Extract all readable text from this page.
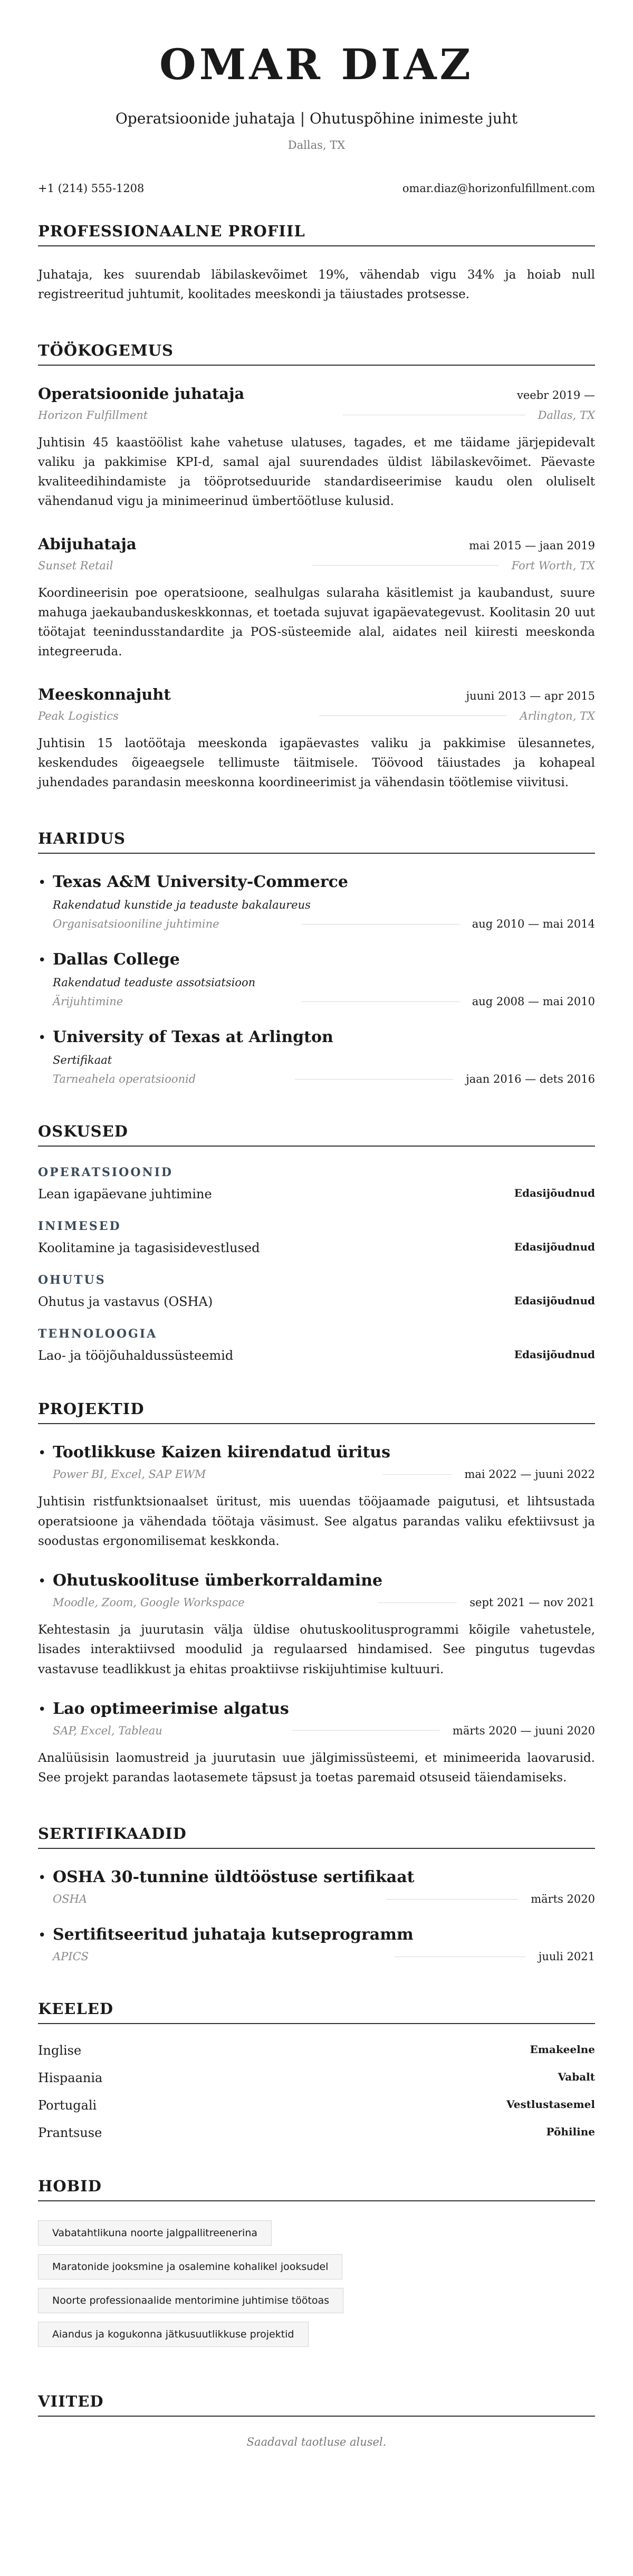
OMAR DIAZ
Operatsioonide juhataja | Ohutuspõhine inimeste juht
Dallas, TX
+1 (214) 555-1208	omar.diaz@horizonfulfillment.com
PROFESSIONAALNE PROFIIL
Juhataja, kes suurendab läbilaskevõimet 19%, vähendab vigu 34% ja hoiab null registreeritud juhtumit, koolitades meeskondi ja täiustades protsesse.
TÖÖKOGEMUS
Operatsioonide juhataja	veebr 2019 —
Horizon Fulfillment	Dallas, TX
Juhtisin 45 kaastöölist kahe vahetuse ulatuses, tagades, et me täidame järjepidevalt valiku ja pakkimise KPI-d, samal ajal suurendades üldist läbilaskevõimet. Päevaste kvaliteedihindamiste ja tööprotseduuride standardiseerimise kaudu olen oluliselt vähendanud vigu ja minimeerinud ümbertöötluse kulusid.
Abijuhataja	mai 2015 — jaan 2019
Sunset Retail	Fort Worth, TX
Koordineerisin poe operatsioone, sealhulgas sularaha käsitlemist ja kaubandust, suure mahuga jaekaubanduskeskkonnas, et toetada sujuvat igapäevategevust. Koolitasin 20 uut töötajat teenindusstandardite ja POS-süsteemide alal, aidates neil kiiresti meeskonda integreeruda.
Meeskonnajuht	juuni 2013 — apr 2015
Peak Logistics	Arlington, TX
Juhtisin 15 laotöötaja meeskonda igapäevastes valiku ja pakkimise ülesannetes, keskendudes õigeaegsele tellimuste täitmisele. Töövood täiustades ja kohapeal juhendades parandasin meeskonna koordineerimist ja vähendasin töötlemise viivitusi.
HARIDUS
• Texas A&M University-Commerce
Rakendatud kunstide ja teaduste bakalaureus
Organisatsiooniline juhtimine	aug 2010 — mai 2014
• Dallas College
Rakendatud teaduste assotsiatsioon
Ärijuhtimine	aug 2008 — mai 2010
• University of Texas at Arlington
Sertifikaat
Tarneahela operatsioonid	jaan 2016 — dets 2016
OSKUSED
OPERATSIOONID
Lean igapäevane juhtimine	Edasijõudnud
INIMESED
Koolitamine ja tagasisidevestlused	Edasijõudnud
OHUTUS
Ohutus ja vastavus (OSHA)	Edasijõudnud
TEHNOLOOGIA
Lao- ja tööjõuhaldussüsteemid	Edasijõudnud
PROJEKTID
• Tootlikkuse Kaizen kiirendatud üritus
Power BI, Excel, SAP EWM	mai 2022 — juuni 2022
Juhtisin ristfunktsionaalset üritust, mis uuendas tööjaamade paigutusi, et lihtsustada operatsioone ja vähendada töötaja väsimust. See algatus parandas valiku efektiivsust ja soodustas ergonomilisemat keskkonda.
• Ohutuskoolituse ümberkorraldamine
Moodle, Zoom, Google Workspace	sept 2021 — nov 2021
Kehtestasin ja juurutasin välja üldise ohutuskoolitusprogrammi kõigile vahetustele, lisades interaktiivsed moodulid ja regulaarsed hindamised. See pingutus tugevdas vastavuse teadlikkust ja ehitas proaktiivse riskijuhtimise kultuuri.
• Lao optimeerimise algatus
SAP, Excel, Tableau	märts 2020 — juuni 2020
Analüüsisin laomustreid ja juurutasin uue jälgimissüsteemi, et minimeerida laovarusid. See projekt parandas laotasemete täpsust ja toetas paremaid otsuseid täiendamiseks.
SERTIFIKAADID
• OSHA 30-tunnine üldtööstuse sertifikaat
OSHA	märts 2020
• Sertifitseeritud juhataja kutseprogramm
APICS	juuli 2021
KEELED
Inglise	Emakeelne
Hispaania	Vabalt
Portugali	Vestlustasemel
Prantsuse	Põhiline
HOBID
Vabatahtlikuna noorte jalgpallitreenerina
Maratonide jooksmine ja osalemine kohalikel jooksudel
Noorte professionaalide mentorimine juhtimise töötoas
Aiandus ja kogukonna jätkusuutlikkuse projektid
VIITED
Saadaval taotluse alusel.
